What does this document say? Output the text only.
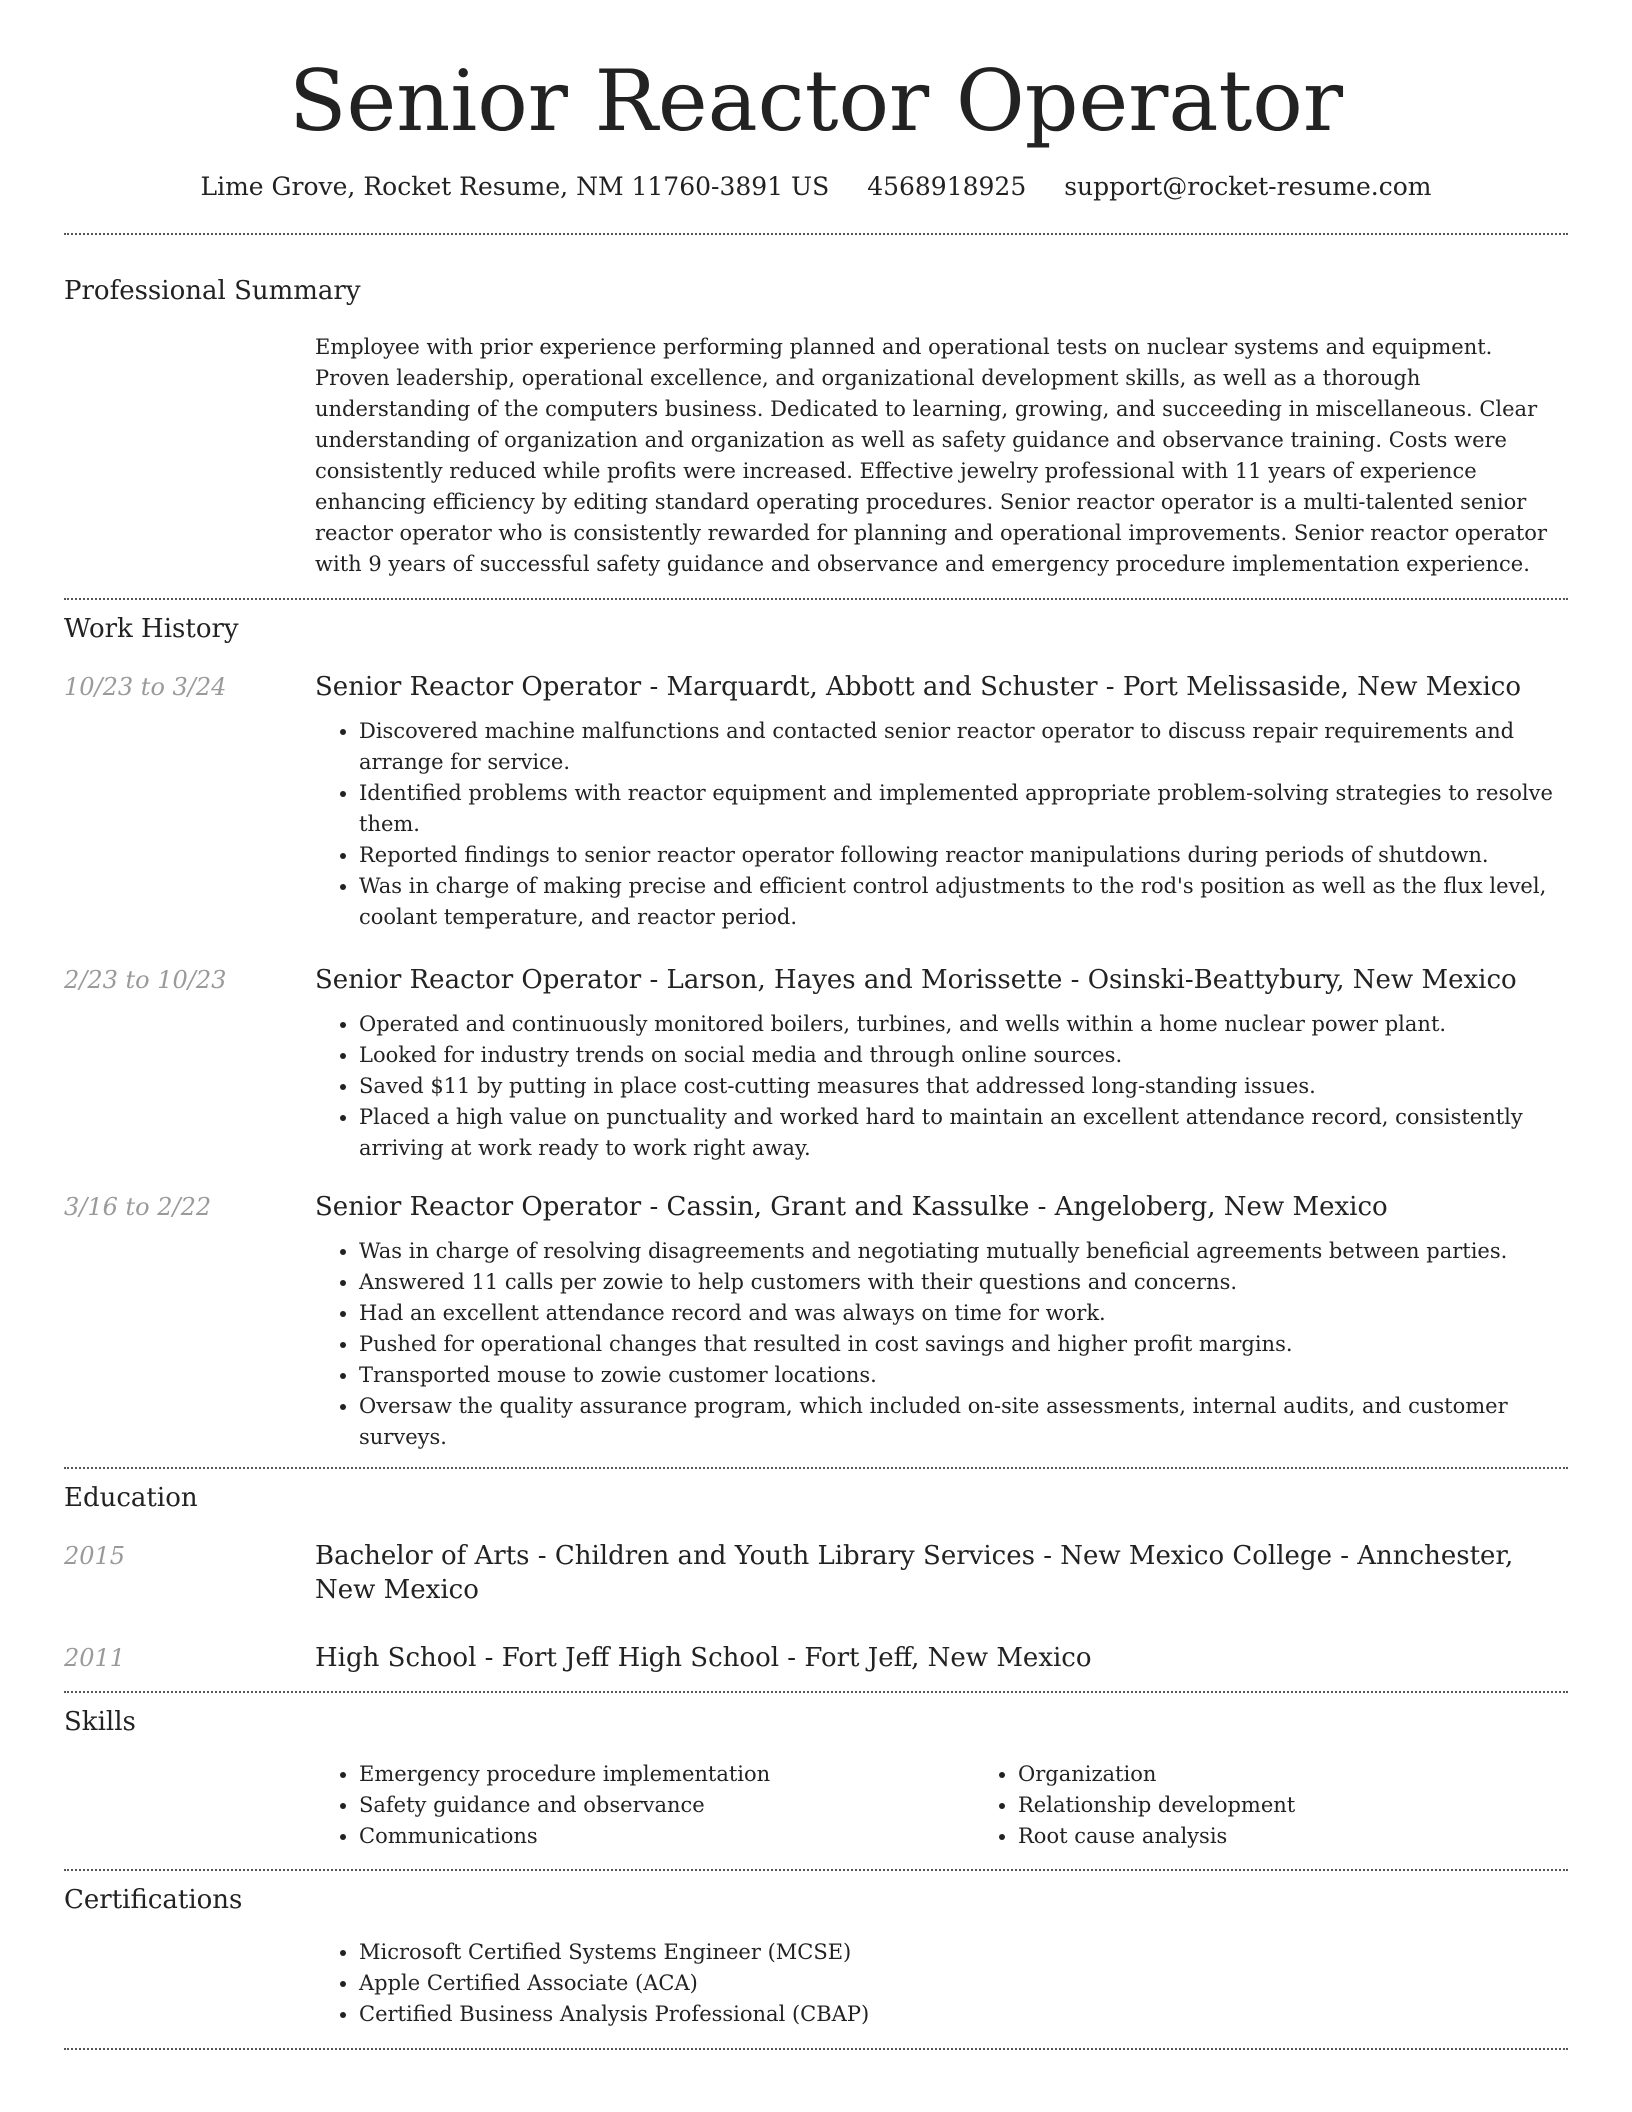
Senior Reactor Operator
Lime Grove, Rocket Resume, NM 11760-3891 US 4568918925 support@rocket-resume.com
Professional Summary

Employee with prior experience performing planned and operational tests on nuclear systems and equipment. Proven leadership, operational excellence, and organizational development skills, as well as a thorough understanding of the computers business. Dedicated to learning, growing, and succeeding in miscellaneous. Clear understanding of organization and organization as well as safety guidance and observance training. Costs were consistently reduced while profits were increased. Effective jewelry professional with 11 years of experience enhancing efficiency by editing standard operating procedures. Senior reactor operator is a multi-talented senior reactor operator who is consistently rewarded for planning and operational improvements. Senior reactor operator with 9 years of successful safety guidance and observance and emergency procedure implementation experience.

Work History
10/23 to 3/24	Senior Reactor Operator - Marquardt, Abbott and Schuster - Port Melissaside, New Mexico
• Discovered machine malfunctions and contacted senior reactor operator to discuss repair requirements and arrange for service.
• Identified problems with reactor equipment and implemented appropriate problem-solving strategies to resolve them.
• Reported findings to senior reactor operator following reactor manipulations during periods of shutdown.
• Was in charge of making precise and efficient control adjustments to the rod's position as well as the flux level, coolant temperature, and reactor period.
2/23 to 10/23	Senior Reactor Operator - Larson, Hayes and Morissette - Osinski-Beattybury, New Mexico
• Operated and continuously monitored boilers, turbines, and wells within a home nuclear power plant.
• Looked for industry trends on social media and through online sources.
• Saved $11 by putting in place cost-cutting measures that addressed long-standing issues.
• Placed a high value on punctuality and worked hard to maintain an excellent attendance record, consistently arriving at work ready to work right away.
3/16 to 2/22	Senior Reactor Operator - Cassin, Grant and Kassulke - Angeloberg, New Mexico
• Was in charge of resolving disagreements and negotiating mutually beneficial agreements between parties.
• Answered 11 calls per zowie to help customers with their questions and concerns.
• Had an excellent attendance record and was always on time for work.
• Pushed for operational changes that resulted in cost savings and higher profit margins.
• Transported mouse to zowie customer locations.
• Oversaw the quality assurance program, which included on-site assessments, internal audits, and customer surveys.
Education
2015	Bachelor of Arts - Children and Youth Library Services - New Mexico College - Annchester, New Mexico
2011	High School - Fort Jeff High School - Fort Jeff, New Mexico
Skills
• Emergency procedure implementation
• Safety guidance and observance
• Communications
• Organization
• Relationship development
• Root cause analysis
Certifications
• Microsoft Certified Systems Engineer (MCSE)
• Apple Certified Associate (ACA)
• Certified Business Analysis Professional (CBAP)
